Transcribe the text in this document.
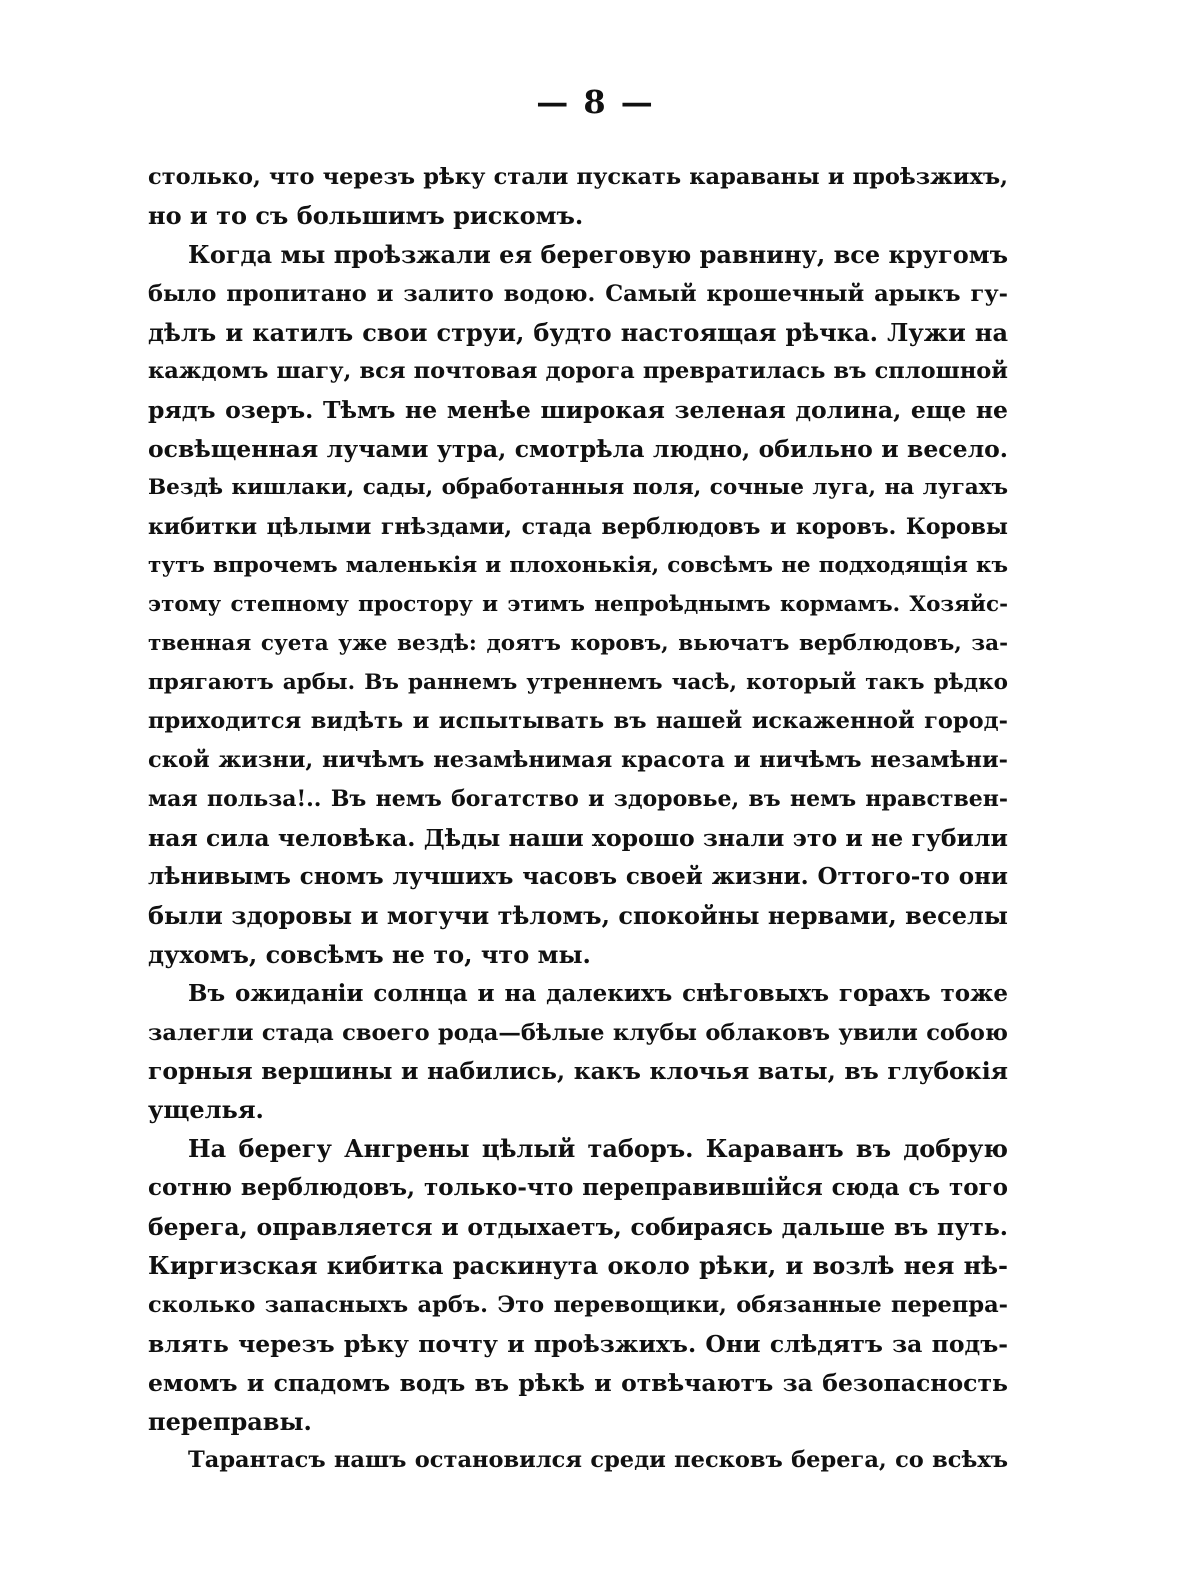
— 8 —
столько, что черезъ рѣку стали пускать караваны и проѣзжихъ,
но и то съ большимъ рискомъ.
Когда мы проѣзжали ея береговую равнину, все кругомъ
было пропитано и залито водою. Самый крошечный арыкъ гу-
дѣлъ и катилъ свои струи, будто настоящая рѣчка. Лужи на
каждомъ шагу, вся почтовая дорога превратилась въ сплошной
рядъ озеръ. Тѣмъ не менѣе широкая зеленая долина, еще не
освѣщенная лучами утра, смотрѣла людно, обильно и весело.
Вездѣ кишлаки, сады, обработанныя поля, сочные луга, на лугахъ
кибитки цѣлыми гнѣздами, стада верблюдовъ и коровъ. Коровы
тутъ впрочемъ маленькія и плохонькія, совсѣмъ не подходящія къ
этому степному простору и этимъ непроѣднымъ кормамъ. Хозяйс-
твенная суета уже вездѣ: доятъ коровъ, вьючатъ верблюдовъ, за-
прягаютъ арбы. Въ раннемъ утреннемъ часѣ, который такъ рѣдко
приходится видѣть и испытывать въ нашей искаженной город-
ской жизни, ничѣмъ незамѣнимая красота и ничѣмъ незамѣни-
мая польза!.. Въ немъ богатство и здоровье, въ немъ нравствен-
ная сила человѣка. Дѣды наши хорошо знали это и не губили
лѣнивымъ сномъ лучшихъ часовъ своей жизни. Оттого-то они
были здоровы и могучи тѣломъ, спокойны нервами, веселы
духомъ, совсѣмъ не то, что мы.
Въ ожиданіи солнца и на далекихъ снѣговыхъ горахъ тоже
залегли стада своего рода—бѣлые клубы облаковъ увили собою
горныя вершины и набились, какъ клочья ваты, въ глубокія
ущелья.
На берегу Ангрены цѣлый таборъ. Караванъ въ добрую
сотню верблюдовъ, только-что переправившійся сюда съ того
берега, оправляется и отдыхаетъ, собираясь дальше въ путь.
Киргизская кибитка раскинута около рѣки, и возлѣ нея нѣ-
сколько запасныхъ арбъ. Это перевощики, обязанные перепра-
влять черезъ рѣку почту и проѣзжихъ. Они слѣдятъ за подъ-
емомъ и спадомъ водъ въ рѣкѣ и отвѣчаютъ за безопасность
переправы.
Тарантасъ нашъ остановился среди песковъ берега, со всѣхъ
